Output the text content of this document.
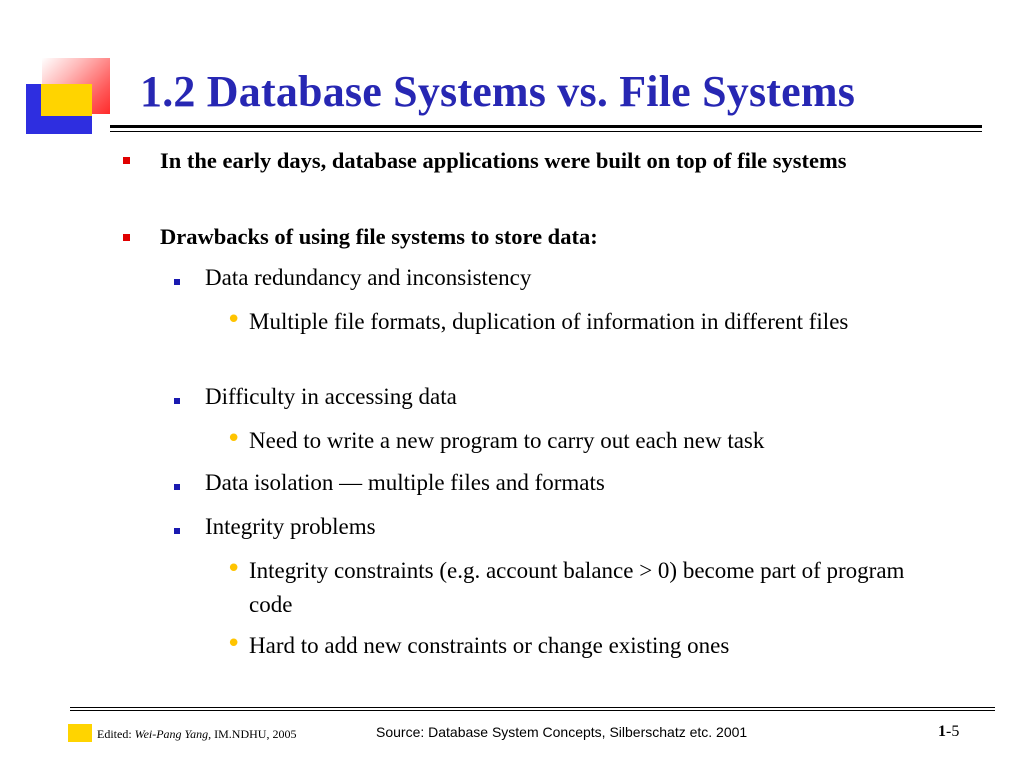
1.2 Database Systems vs. File Systems
In the early days, database applications were built on top of file systems
Drawbacks of using file systems to store data:
Data redundancy and inconsistency
• Multiple file formats, duplication of information in different files
Difficulty in accessing data
• Need to write a new program to carry out each new task
Data isolation — multiple files and formats
Integrity problems
• Integrity constraints (e.g. account balance > 0) become part of program code
• Hard to add new constraints or change existing ones
Edited: Wei-Pang Yang, IM.NDHU, 2005	Source: Database System Concepts, Silberschatz etc. 2001	1-5
